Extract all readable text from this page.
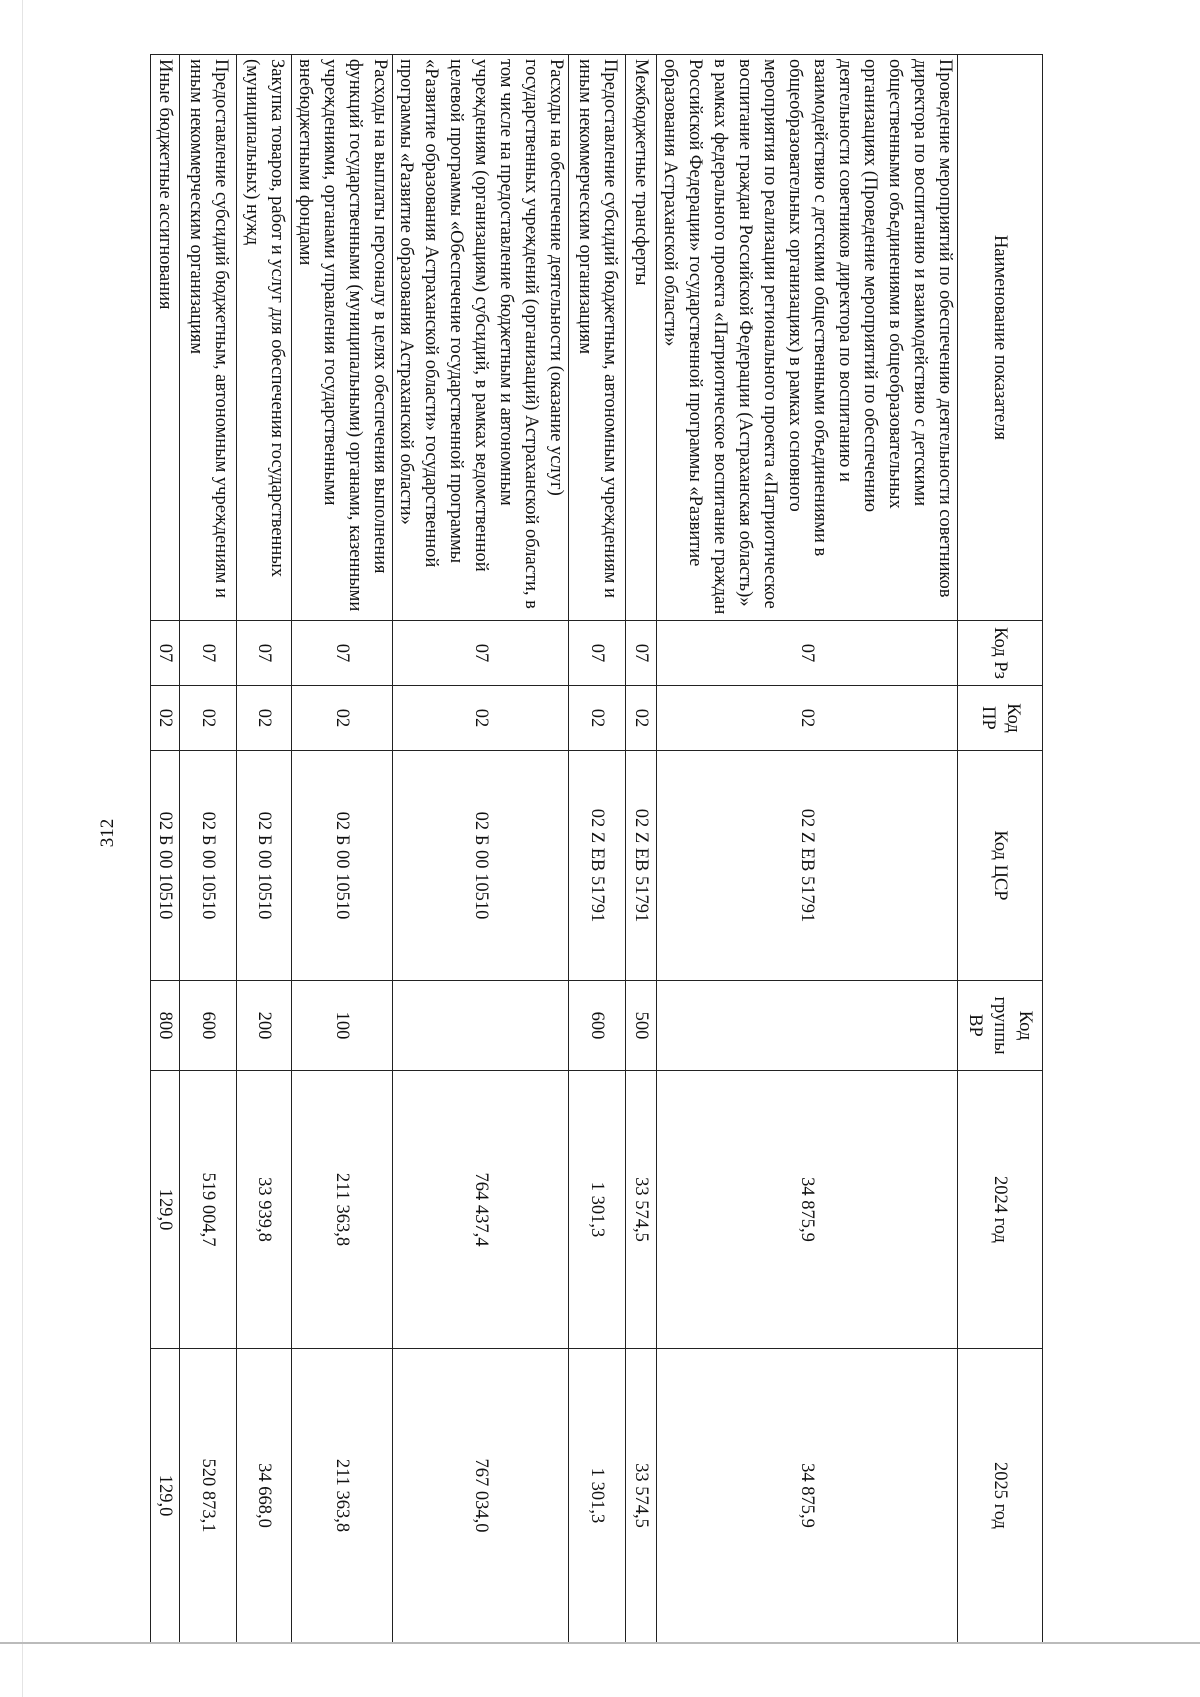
312
Наименование показателя	Код Рз	Код ПР	Код ЦСР	Код группы ВР	2024 год	2025 год
Проведение мероприятий по обеспечению деятельности советников директора по воспитанию и взаимодействию с детскими общественными объединениями в общеобразовательных организациях (Проведение мероприятий по обеспечению деятельности советников директора по воспитанию и взаимодействию с детскими общественными объединениями в общеобразовательных организациях) в рамках основного мероприятия по реализации регионального проекта «Патриотическое воспитание граждан Российской Федерации (Астраханская область)» в рамках федерального проекта «Патриотическое воспитание граждан Российской Федерации» государственной программы «Развитие образования Астраханской области»	07	02	02 Z ЕВ 51791		34 875,9	34 875,9
Межбюджетные трансферты	07	02	02 Z ЕВ 51791	500	33 574,5	33 574,5
Предоставление субсидий бюджетным, автономным учреждениям и иным некоммерческим организациям	07	02	02 Z ЕВ 51791	600	1 301,3	1 301,3
Расходы на обеспечение деятельности (оказание услуг) государственных учреждений (организаций) Астраханской области, в том числе на предоставление бюджетным и автономным учреждениям (организациям) субсидий, в рамках ведомственной целевой программы «Обеспечение государственной программы «Развитие образования Астраханской области» государственной программы «Развитие образования Астраханской области»	07	02	02 Б 00 10510		764 437,4	767 034,0
Расходы на выплаты персоналу в целях обеспечения выполнения функций государственными (муниципальными) органами, казенными учреждениями, органами управления государственными внебюджетными фондами	07	02	02 Б 00 10510	100	211 363,8	211 363,8
Закупка товаров, работ и услуг для обеспечения государственных (муниципальных) нужд	07	02	02 Б 00 10510	200	33 939,8	34 668,0
Предоставление субсидий бюджетным, автономным учреждениям и иным некоммерческим организациям	07	02	02 Б 00 10510	600	519 004,7	520 873,1
Иные бюджетные ассигнования	07	02	02 Б 00 10510	800	129,0	129,0
